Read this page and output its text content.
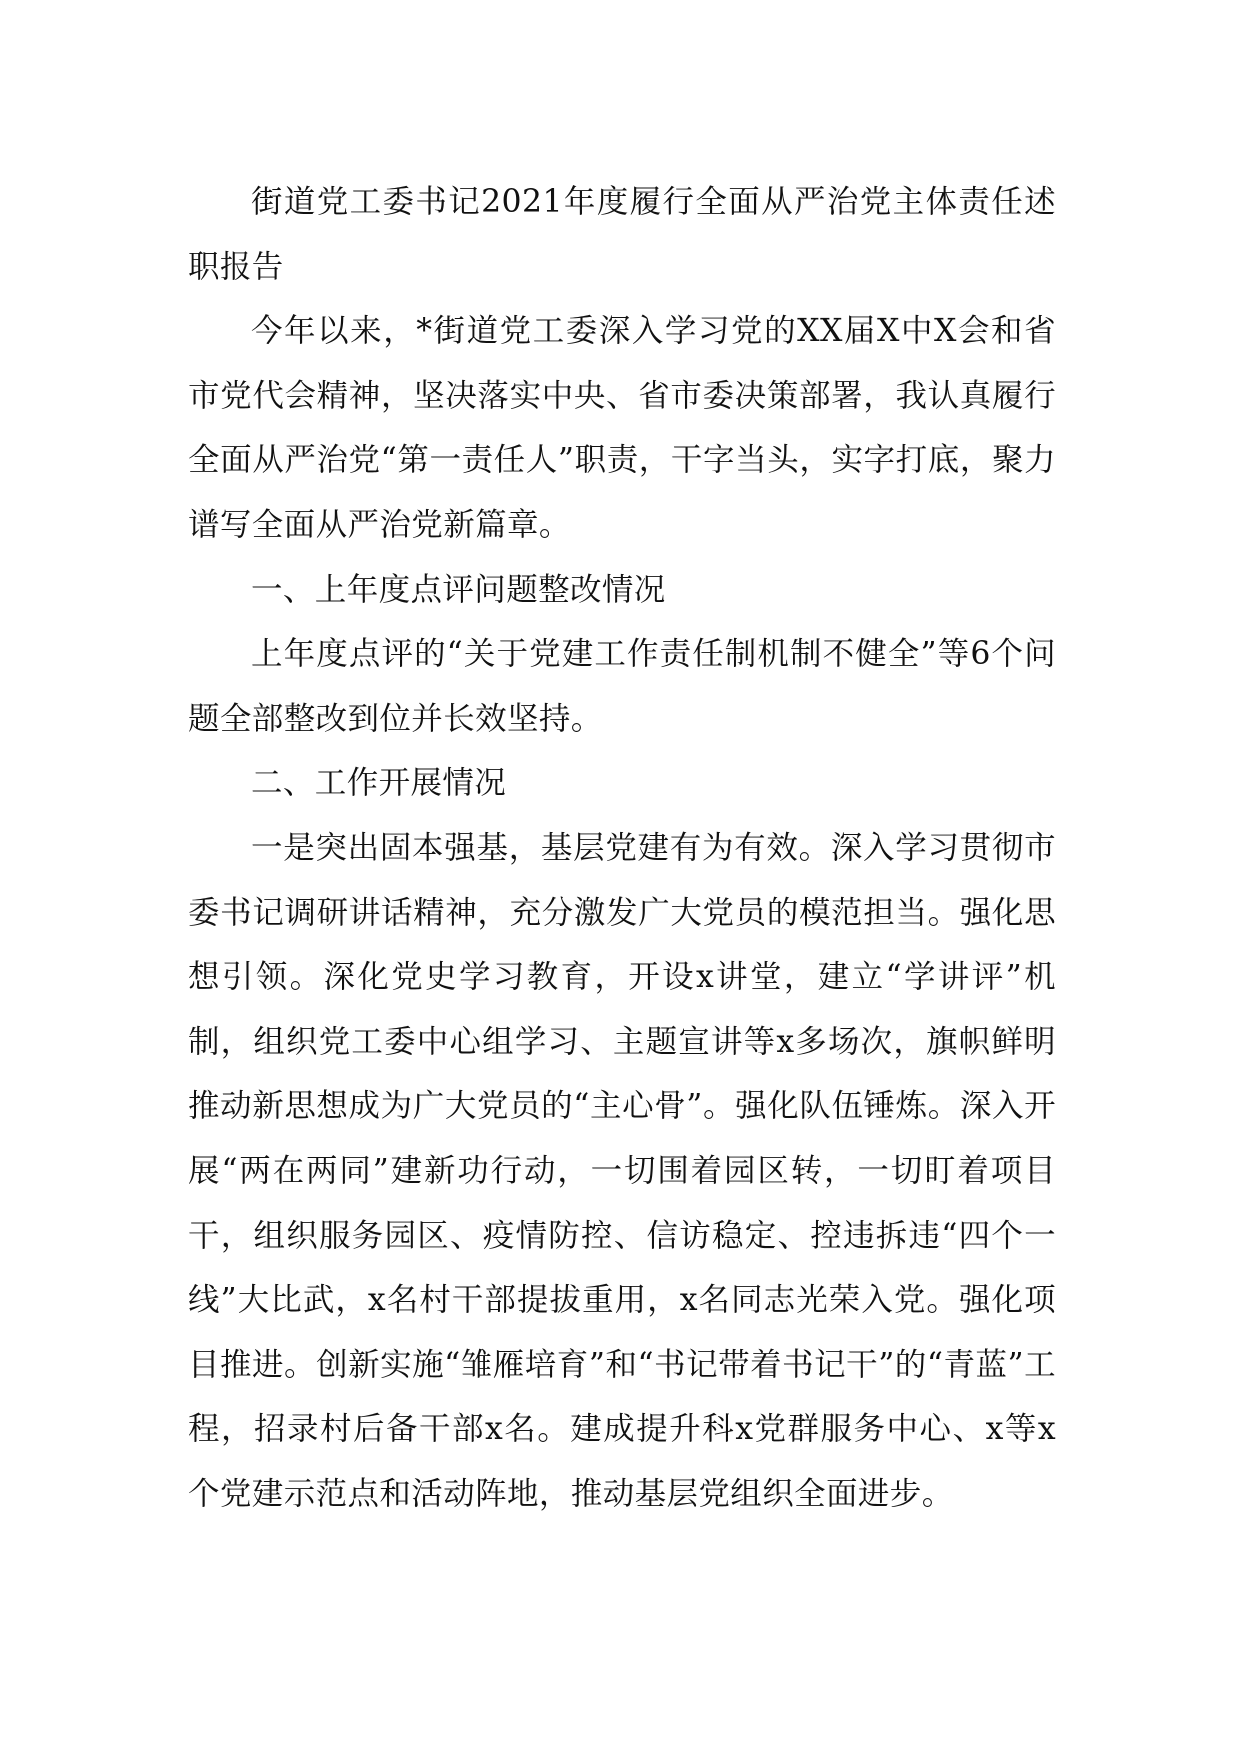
街道党工委书记2021年度履行全面从严治党主体责任述职报告

今年以来，*街道党工委深入学习党的XX届X中X会和省市党代会精神，坚决落实中央、省市委决策部署，我认真履行全面从严治党“第一责任人”职责，干字当头，实字打底，聚力谱写全面从严治党新篇章。

一、上年度点评问题整改情况

上年度点评的“关于党建工作责任制机制不健全”等6个问题全部整改到位并长效坚持。

二、工作开展情况

一是突出固本强基，基层党建有为有效。深入学习贯彻市委书记调研讲话精神，充分激发广大党员的模范担当。强化思想引领。深化党史学习教育，开设x讲堂，建立“学讲评”机制，组织党工委中心组学习、主题宣讲等x多场次，旗帜鲜明推动新思想成为广大党员的“主心骨”。强化队伍锤炼。深入开展“两在两同”建新功行动，一切围着园区转，一切盯着项目干，组织服务园区、疫情防控、信访稳定、控违拆违“四个一线”大比武，x名村干部提拔重用，x名同志光荣入党。强化项目推进。创新实施“雏雁培育”和“书记带着书记干”的“青蓝”工程，招录村后备干部x名。建成提升科x党群服务中心、x等x个党建示范点和活动阵地，推动基层党组织全面进步。
